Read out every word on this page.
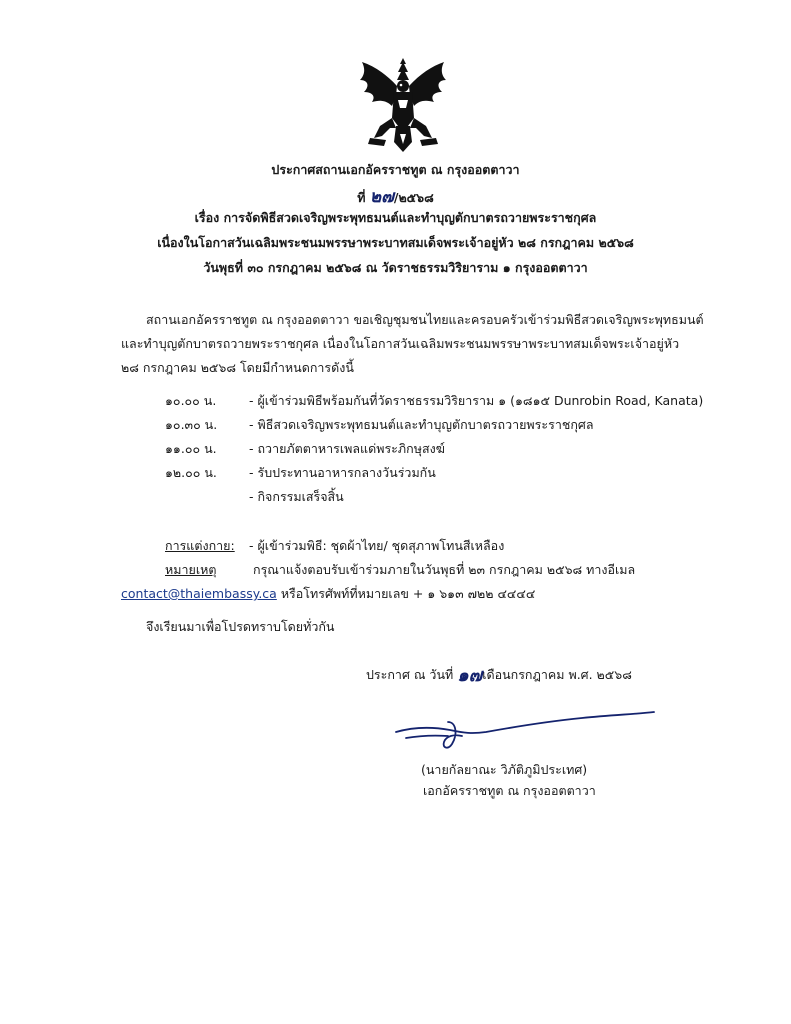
ประกาศสถานเอกอัครราชทูต ณ กรุงออตตาวา
ที่ ๒๗/๒๕๖๘
เรื่อง การจัดพิธีสวดเจริญพระพุทธมนต์และทำบุญตักบาตรถวายพระราชกุศล
เนื่องในโอกาสวันเฉลิมพระชนมพรรษาพระบาทสมเด็จพระเจ้าอยู่หัว ๒๘ กรกฎาคม ๒๕๖๘
วันพุธที่ ๓๐ กรกฎาคม ๒๕๖๘ ณ วัดราชธรรมวิริยาราม ๑ กรุงออตตาวา
สถานเอกอัครราชทูต ณ กรุงออตตาวา ขอเชิญชุมชนไทยและครอบครัวเข้าร่วมพิธีสวดเจริญพระพุทธมนต์
และทำบุญตักบาตรถวายพระราชกุศล เนื่องในโอกาสวันเฉลิมพระชนมพรรษาพระบาทสมเด็จพระเจ้าอยู่หัว
๒๘ กรกฎาคม ๒๕๖๘ โดยมีกำหนดการดังนี้
๑๐.๐๐ น.	- ผู้เข้าร่วมพิธีพร้อมกันที่วัดราชธรรมวิริยาราม ๑ (๑๘๑๕ Dunrobin Road, Kanata)
๑๐.๓๐ น.	- พิธีสวดเจริญพระพุทธมนต์และทำบุญตักบาตรถวายพระราชกุศล
๑๑.๐๐ น.	- ถวายภัตตาหารเพลแด่พระภิกษุสงฆ์
๑๒.๐๐ น.	- รับประทานอาหารกลางวันร่วมกัน
- กิจกรรมเสร็จสิ้น
การแต่งกาย: - ผู้เข้าร่วมพิธี: ชุดผ้าไทย/ ชุดสุภาพโทนสีเหลือง
หมายเหตุ	กรุณาแจ้งตอบรับเข้าร่วมภายในวันพุธที่ ๒๓ กรกฎาคม ๒๕๖๘ ทางอีเมล
contact@thaiembassy.ca หรือโทรศัพท์ที่หมายเลข + ๑ ๖๑๓ ๗๒๒ ๔๔๔๔
จึงเรียนมาเพื่อโปรดทราบโดยทั่วกัน
ประกาศ ณ วันที่ ๑๗เดือนกรกฎาคม พ.ศ. ๒๕๖๘
(นายกัลยาณะ วิภัติภูมิประเทศ)
เอกอัครราชทูต ณ กรุงออตตาวา
